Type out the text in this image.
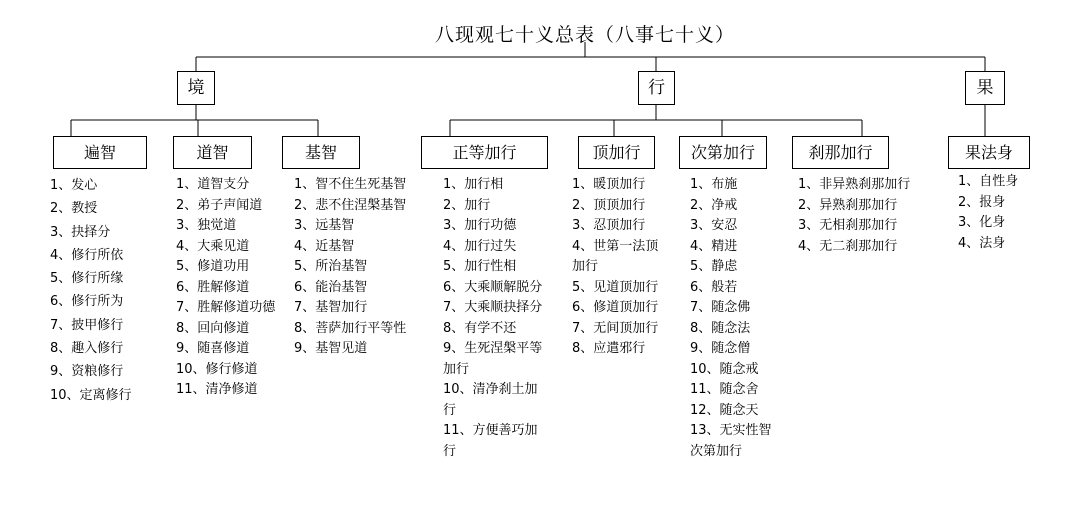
八现观七十义总表（八事七十义）
境	行	果
遍智	道智	基智	正等加行	顶加行	次第加行	刹那加行	果法身
1、发心
2、教授
3、抉择分
4、修行所依
5、修行所缘
6、修行所为
7、披甲修行
8、趣入修行
9、资粮修行
10、定离修行
1、道智支分
2、弟子声闻道
3、独觉道
4、大乘见道
5、修道功用
6、胜解修道
7、胜解修道功德
8、回向修道
9、随喜修道
10、修行修道
11、清净修道
1、智不住生死基智
2、悲不住涅槃基智
3、远基智
4、近基智
5、所治基智
6、能治基智
7、基智加行
8、菩萨加行平等性
9、基智见道
1、加行相
2、加行
3、加行功德
4、加行过失
5、加行性相
6、大乘顺解脱分
7、大乘顺抉择分
8、有学不还
9、生死涅槃平等加行
10、清净刹土加行
11、方便善巧加行
1、暖顶加行
2、顶顶加行
3、忍顶加行
4、世第一法顶加行
5、见道顶加行
6、修道顶加行
7、无间顶加行
8、应遣邪行
1、布施
2、净戒
3、安忍
4、精进
5、静虑
6、般若
7、随念佛
8、随念法
9、随念僧
10、随念戒
11、随念舍
12、随念天
13、无实性智次第加行
1、非异熟刹那加行
2、异熟刹那加行
3、无相刹那加行
4、无二刹那加行
1、自性身
2、报身
3、化身
4、法身
